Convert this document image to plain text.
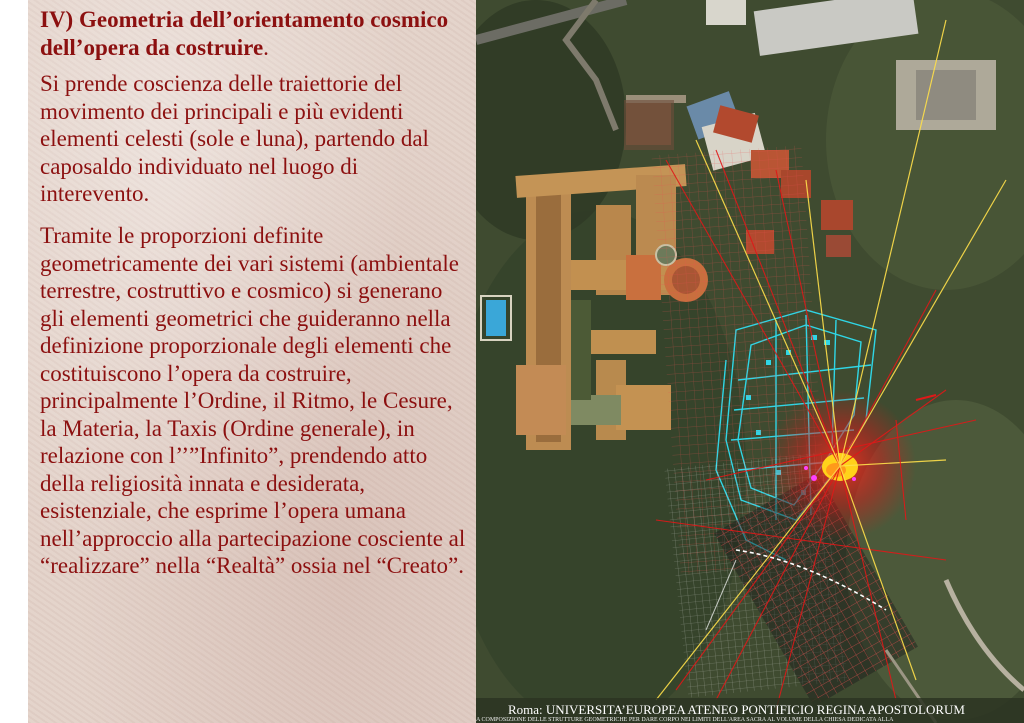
IV) Geometria dell’orientamento cosmico dell’opera da costruire.

Si prende coscienza delle traiettorie del movimento dei principali e più evidenti elementi celesti (sole e luna), partendo dal caposaldo individuato nel luogo di interevento.

Tramite le proporzioni definite geometricamente dei vari sistemi (ambientale terrestre, costruttivo e cosmico) si generano gli elementi geometrici che guideranno nella definizione proporzionale degli elementi che costituiscono l’opera da costruire, principalmente l’Ordine, il Ritmo, le Cesure, la Materia, la Taxis (Ordine generale), in relazione con l’’”Infinito”, prendendo atto della religiosità innata e desiderata, esistenziale, che esprime l’opera umana nell’approccio alla partecipazione cosciente al “realizzare” nella “Realtà” ossia nel “Creato”.

Roma: UNIVERSITA’EUROPEA ATENEO PONTIFICIO REGINA APOSTOLORUM
A COMPOSIZIONE DELLE STRUTTURE GEOMETRICHE PER DARE CORPO NEI LIMITI DELL'AREA SACRA AL VOLUME DELLA CHIESA DEDICATA ALLA
